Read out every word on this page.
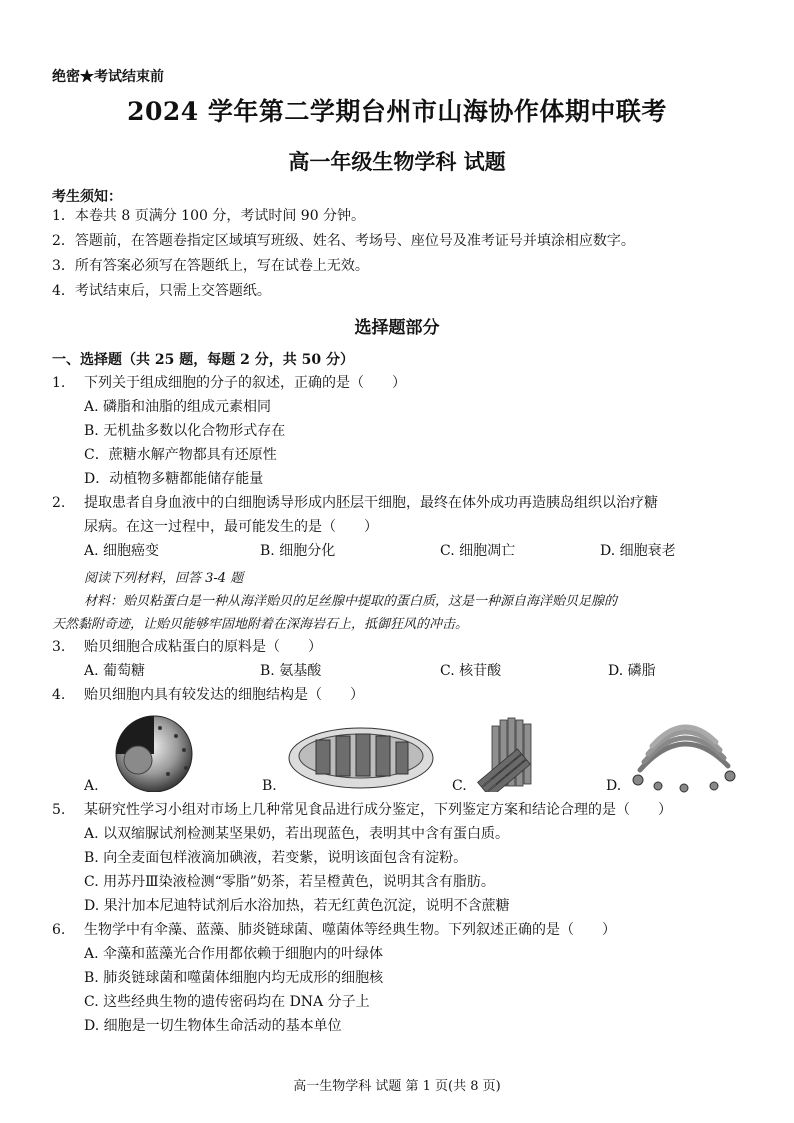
绝密★考试结束前
2024 学年第二学期台州市山海协作体期中联考
高一年级生物学科 试题
考生须知：
1．本卷共 8 页满分 100 分，考试时间 90 分钟。
2．答题前，在答题卷指定区域填写班级、姓名、考场号、座位号及准考证号并填涂相应数字。
3．所有答案必须写在答题纸上，写在试卷上无效。
4．考试结束后，只需上交答题纸。
选择题部分
一、选择题（共 25 题，每题 2 分，共 50 分）
1. 下列关于组成细胞的分子的叙述，正确的是（　　）
A. 磷脂和油脂的组成元素相同
B. 无机盐多数以化合物形式存在
C．蔗糖水解产物都具有还原性
D．动植物多糖都能储存能量
2. 提取患者自身血液中的白细胞诱导形成内胚层干细胞，最终在体外成功再造胰岛组织以治疗糖
尿病。在这一过程中，最可能发生的是（　　）
A. 细胞癌变	B. 细胞分化	C. 细胞凋亡	D. 细胞衰老
阅读下列材料，回答 3-4 题
材料：贻贝粘蛋白是一种从海洋贻贝的足丝腺中提取的蛋白质，这是一种源自海洋贻贝足腺的
天然黏附奇迹，让贻贝能够牢固地附着在深海岩石上，抵御狂风的冲击。
3. 贻贝细胞合成粘蛋白的原料是（　　）
A. 葡萄糖	B. 氨基酸	C. 核苷酸	D. 磷脂
4. 贻贝细胞内具有较发达的细胞结构是（　　）
A.	B.	C.	D.
5. 某研究性学习小组对市场上几种常见食品进行成分鉴定，下列鉴定方案和结论合理的是（　　）
A. 以双缩脲试剂检测某坚果奶，若出现蓝色，表明其中含有蛋白质。
B. 向全麦面包样液滴加碘液，若变紫，说明该面包含有淀粉。
C. 用苏丹Ⅲ染液检测“零脂”奶茶，若呈橙黄色，说明其含有脂肪。
D. 果汁加本尼迪特试剂后水浴加热，若无红黄色沉淀，说明不含蔗糖
6. 生物学中有伞藻、蓝藻、肺炎链球菌、噬菌体等经典生物。下列叙述正确的是（　　）
A. 伞藻和蓝藻光合作用都依赖于细胞内的叶绿体
B. 肺炎链球菌和噬菌体细胞内均无成形的细胞核
C. 这些经典生物的遗传密码均在 DNA 分子上
D. 细胞是一切生物体生命活动的基本单位
高一生物学科 试题 第 1 页(共 8 页)
